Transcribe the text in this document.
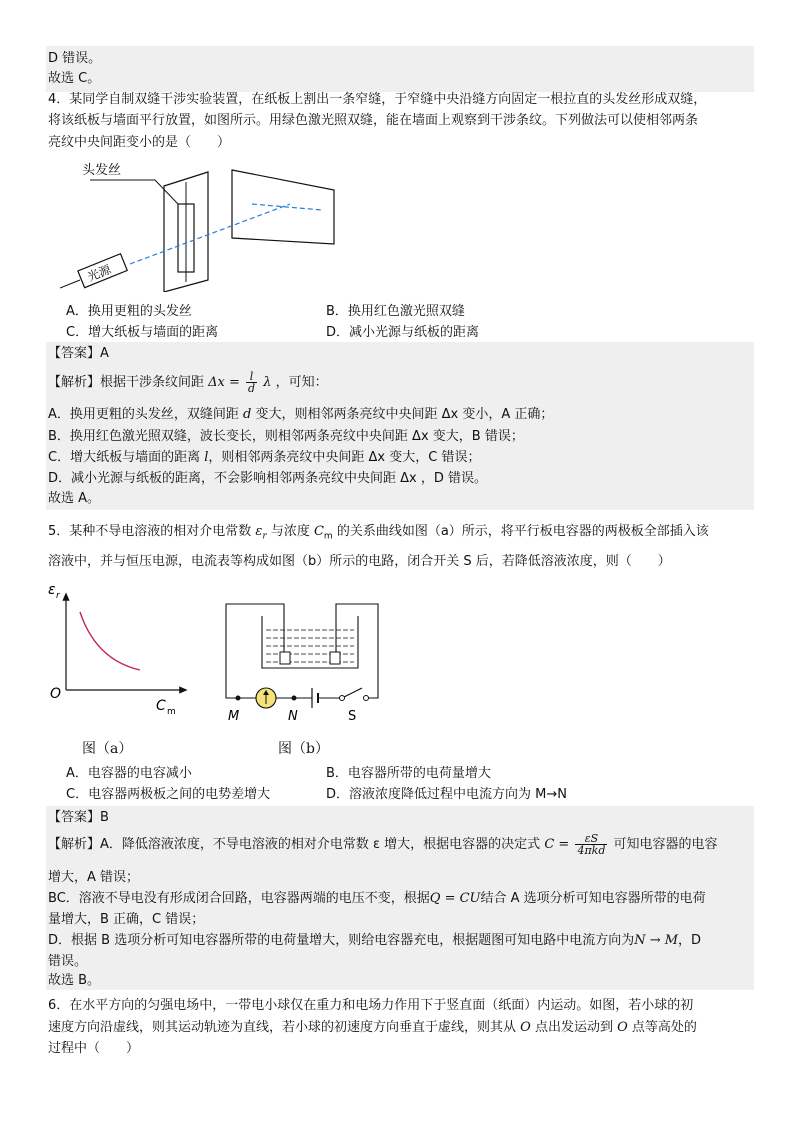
D 错误。
故选 C。
4．某同学自制双缝干涉实验装置，在纸板上割出一条窄缝，于窄缝中央沿缝方向固定一根拉直的头发丝形成双缝，
将该纸板与墙面平行放置，如图所示。用绿色激光照双缝，能在墙面上观察到干涉条纹。下列做法可以使相邻两条
亮纹中央间距变小的是（　　）
头发丝
光源
A．换用更粗的头发丝	B．换用红色激光照双缝
C．增大纸板与墙面的距离	D．减小光源与纸板的距离
【答案】A
【解析】根据干涉条纹间距 $\Delta x = \frac{l}{d}$ λ ，可知：
A．换用更粗的头发丝，双缝间距 d 变大，则相邻两条亮纹中央间距 Δx 变小，A 正确；
B．换用红色激光照双缝，波长变长，则相邻两条亮纹中央间距 Δx 变大，B 错误；
C．增大纸板与墙面的距离 l，则相邻两条亮纹中央间距 Δx 变大，C 错误；
D．减小光源与纸板的距离，不会影响相邻两条亮纹中央间距 Δx ，D 错误。
故选 A。
5．某种不导电溶液的相对介电常数 $\varepsilon_r$ 与浓度 $C_m$ 的关系曲线如图（a）所示，将平行板电容器的两极板全部插入该
溶液中，并与恒压电源，电流表等构成如图（b）所示的电路，闭合开关 S 后，若降低溶液浓度，则（　　）
ε r
O
C m
图（a）
M	N	S
图（b）
A．电容器的电容减小	B．电容器所带的电荷量增大
C．电容器两极板之间的电势差增大	D．溶液浓度降低过程中电流方向为 M→N
【答案】B
【解析】A．降低溶液浓度，不导电溶液的相对介电常数 ε 增大，根据电容器的决定式 $C = \frac{\varepsilon S}{\text{4πkd}}$ 可知电容器的电容
增大，A 错误；
BC．溶液不导电没有形成闭合回路，电容器两端的电压不变，根据Q = CU结合 A 选项分析可知电容器所带的电荷
量增大，B 正确，C 错误；
D．根据 B 选项分析可知电容器所带的电荷量增大，则给电容器充电，根据题图可知电路中电流方向为N → M，D
错误。
故选 B。
6．在水平方向的匀强电场中，一带电小球仅在重力和电场力作用下于竖直面（纸面）内运动。如图，若小球的初
速度方向沿虚线，则其运动轨迹为直线，若小球的初速度方向垂直于虚线，则其从 O 点出发运动到 O 点等高处的
过程中（　　）
